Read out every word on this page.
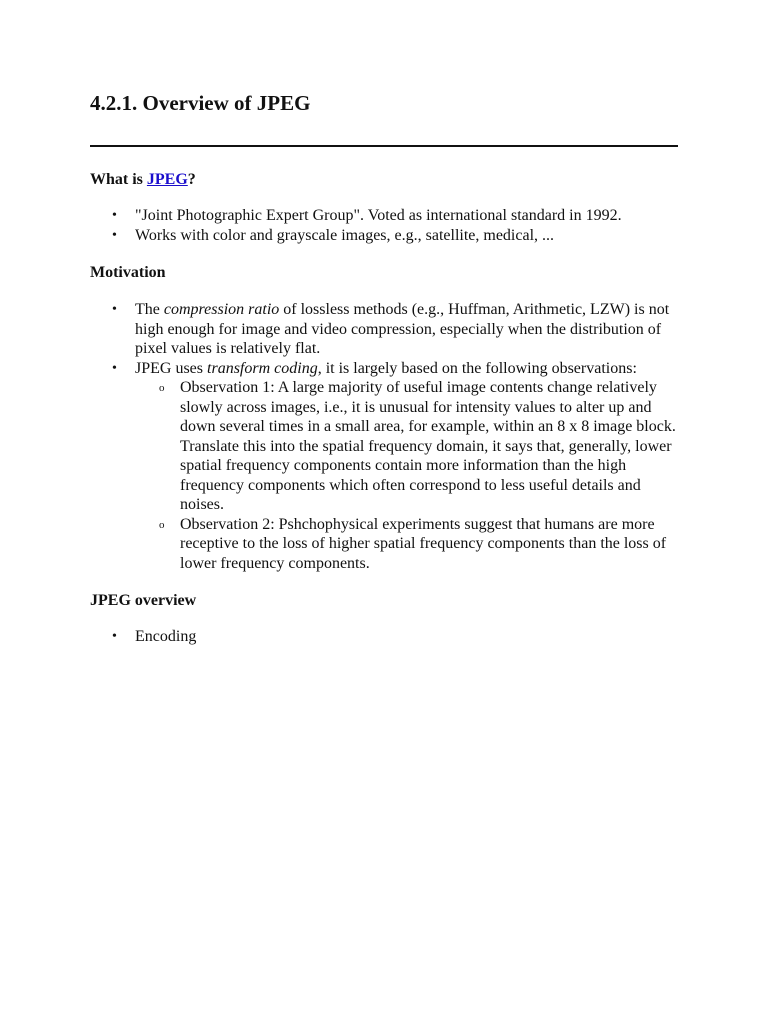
4.2.1. Overview of JPEG

What is JPEG?

• "Joint Photographic Expert Group". Voted as international standard in 1992.
• Works with color and grayscale images, e.g., satellite, medical, ...

Motivation

• The compression ratio of lossless methods (e.g., Huffman, Arithmetic, LZW) is not high enough for image and video compression, especially when the distribution of pixel values is relatively flat.
• JPEG uses transform coding, it is largely based on the following observations:
o Observation 1: A large majority of useful image contents change relatively slowly across images, i.e., it is unusual for intensity values to alter up and down several times in a small area, for example, within an 8 x 8 image block. Translate this into the spatial frequency domain, it says that, generally, lower spatial frequency components contain more information than the high frequency components which often correspond to less useful details and noises.
o Observation 2: Pshchophysical experiments suggest that humans are more receptive to the loss of higher spatial frequency components than the loss of lower frequency components.

JPEG overview

• Encoding
